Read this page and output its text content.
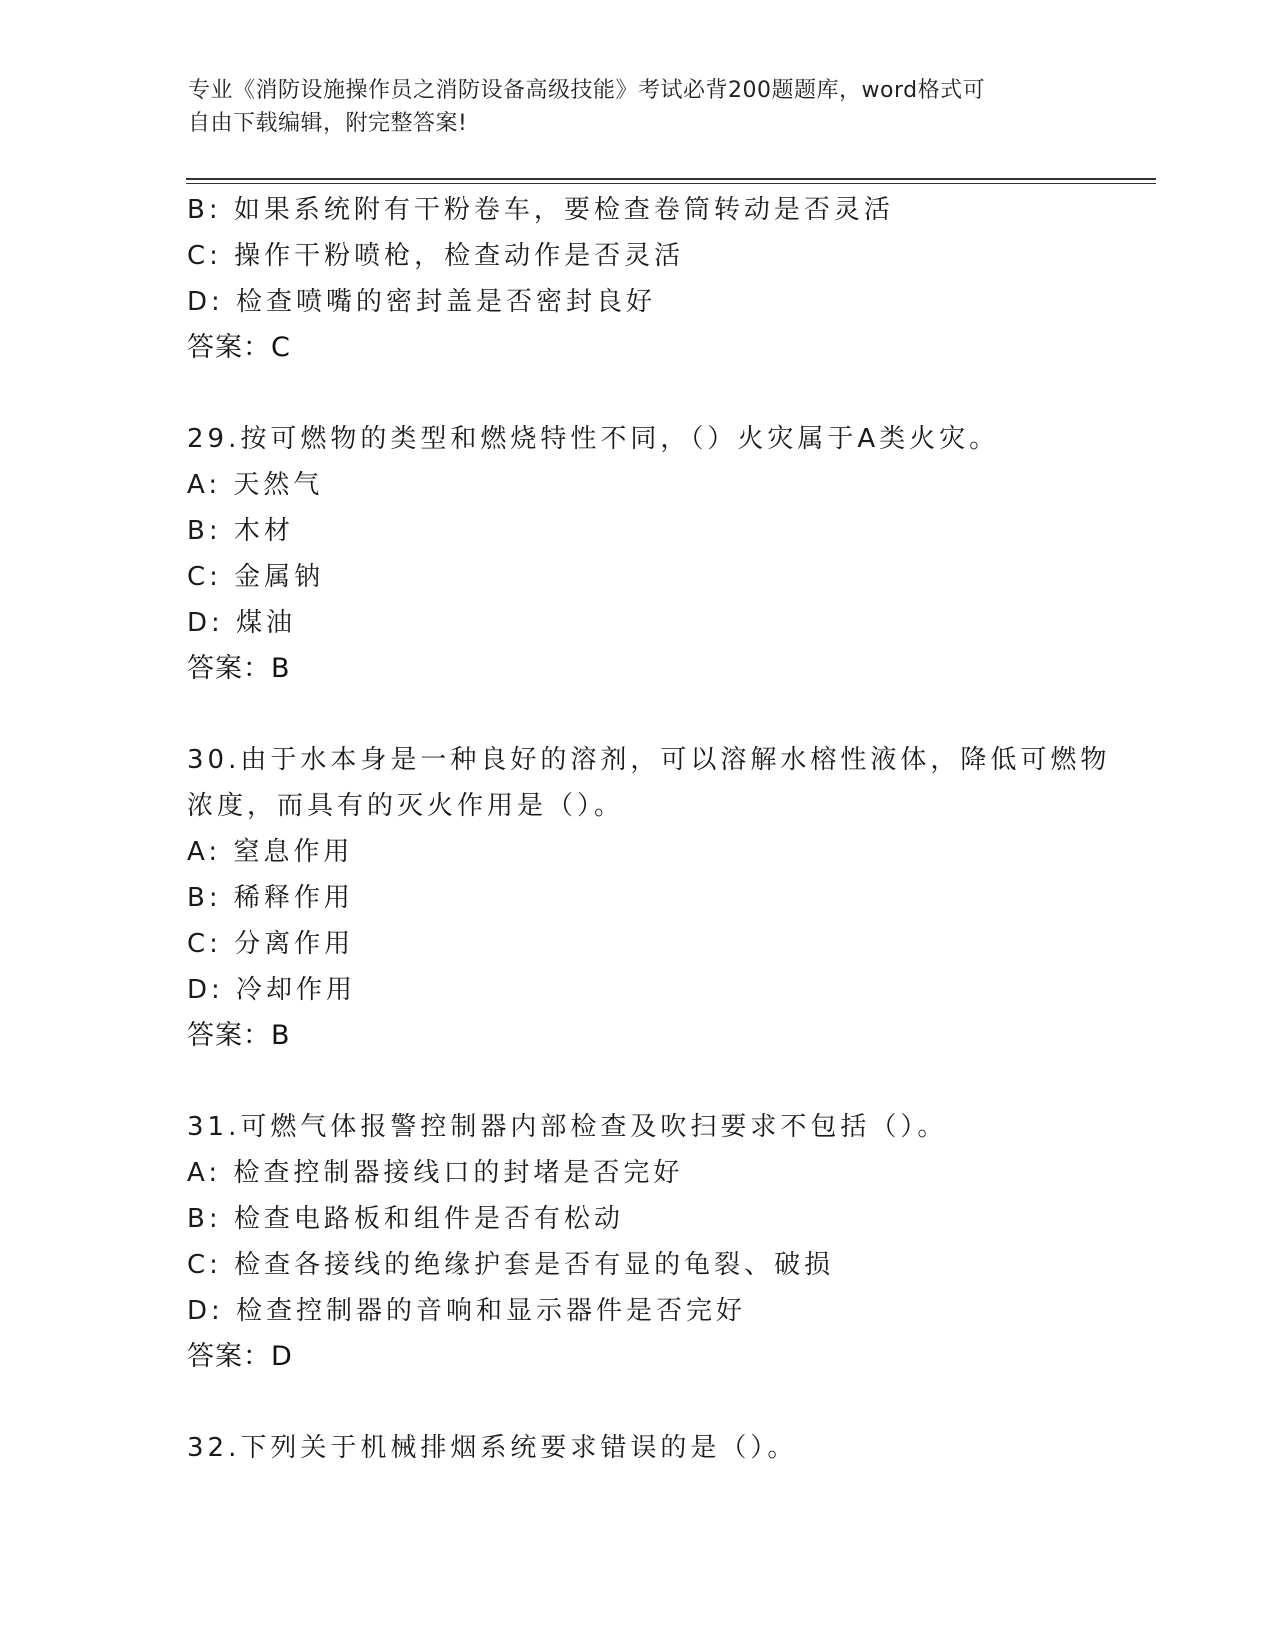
专业《消防设施操作员之消防设备高级技能》考试必背200题题库，word格式可
自由下载编辑，附完整答案!
B: 如果系统附有干粉卷车，要检查卷筒转动是否灵活
C: 操作干粉喷枪，检查动作是否灵活
D: 检查喷嘴的密封盖是否密封良好
答案：C
29.按可燃物的类型和燃烧特性不同，（）火灾属于A类火灾。
A: 天然气
B: 木材
C: 金属钠
D: 煤油
答案：B
30.由于水本身是一种良好的溶剂，可以溶解水榕性液体，降低可燃物
浓度，而具有的灭火作用是（）。
A: 窒息作用
B: 稀释作用
C: 分离作用
D: 冷却作用
答案：B
31.可燃气体报警控制器内部检查及吹扫要求不包括（）。
A: 检查控制器接线口的封堵是否完好
B: 检查电路板和组件是否有松动
C: 检查各接线的绝缘护套是否有显的龟裂、破损
D: 检查控制器的音响和显示器件是否完好
答案：D
32.下列关于机械排烟系统要求错误的是（）。
